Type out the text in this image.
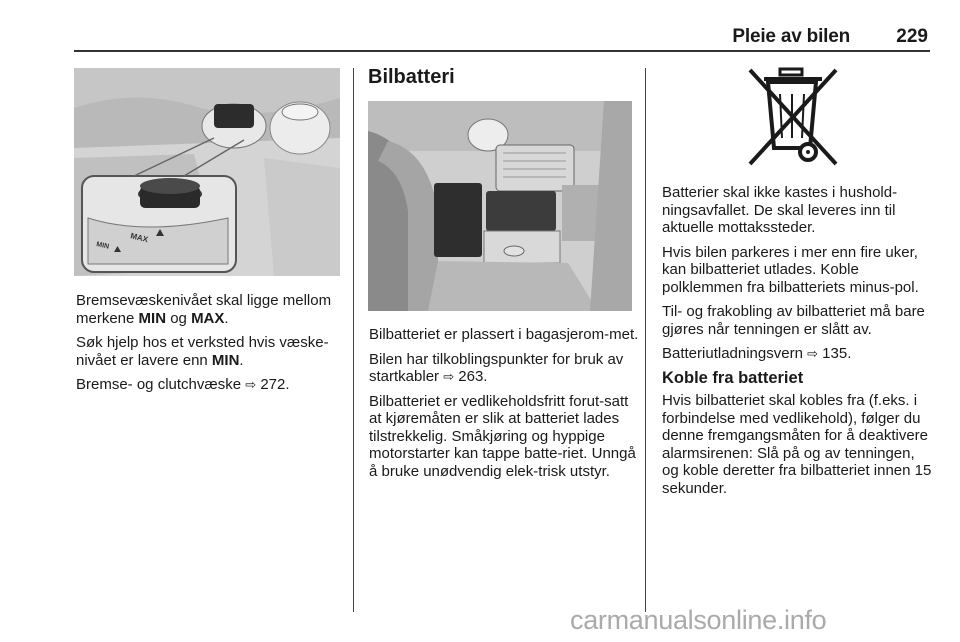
Pleie av bilen	229
MAX
MIN

Bremsevæskenivået skal ligge mellom merkene MIN og MAX.

Søk hjelp hos et verksted hvis væske-nivået er lavere enn MIN.

Bremse- og clutchvæske ⇨ 272.

Bilbatteri

Bilbatteriet er plassert i bagasjerom-met.

Bilen har tilkoblingspunkter for bruk av startkabler ⇨ 263.

Bilbatteriet er vedlikeholdsfritt forut-satt at kjøremåten er slik at batteriet lades tilstrekkelig. Småkjøring og hyppige motorstarter kan tappe batte-riet. Unngå å bruke unødvendig elek-trisk utstyr.

Batterier skal ikke kastes i hushold-ningsavfallet. De skal leveres inn til aktuelle mottakssteder.

Hvis bilen parkeres i mer enn fire uker, kan bilbatteriet utlades. Koble polklemmen fra bilbatteriets minus-pol.

Til- og frakobling av bilbatteriet må bare gjøres når tenningen er slått av.

Batteriutladningsvern ⇨ 135.

Koble fra batteriet

Hvis bilbatteriet skal kobles fra (f.eks. i forbindelse med vedlikehold), følger du denne fremgangsmåten for å deaktivere alarmsirenen: Slå på og av tenningen, og koble deretter fra bilbatteriet innen 15 sekunder.

carmanualsonline.info
